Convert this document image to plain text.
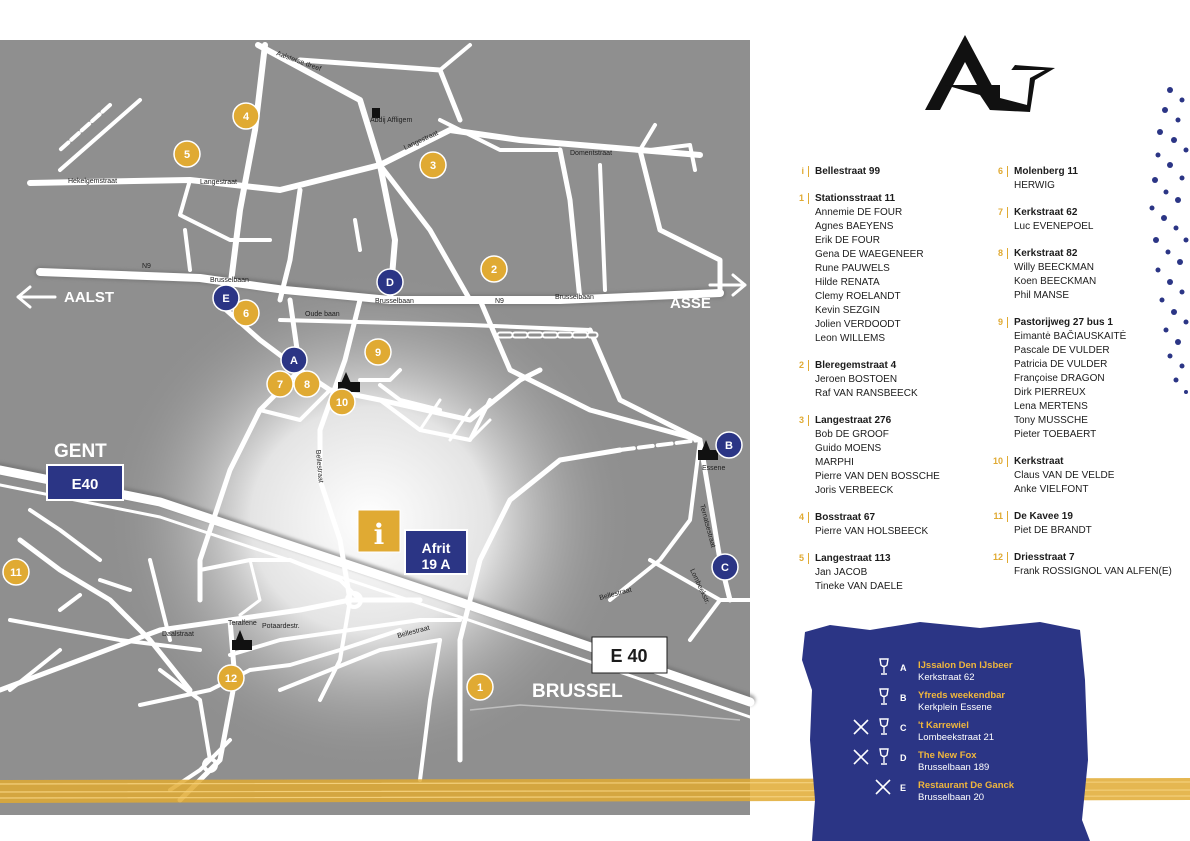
Brusselbaan
N9
N9
Brusselbaan
Brusselbaan
Hekelgemstraat	Langestraat
Langestraat
Domentstraat
Aalsterse dreef
Bellestraat
Bellestraat
Daalstraat
Potaardestr.
Ternatsestraat
Oude baan
Bellestraat	Lombeekstr.
Abdij Affligem
Essene
Teralfene
AALST	ASSE
GENT
BRUSSEL
E40
E 40
i	Afrit
19 A
1
2
3
4
5
6
7 8
9
10
11
12
A
B
C
D
E
i	Bellestraat 99
1	Stationsstraat 11
Annemie DE FOUR
Agnes BAEYENS
Erik DE FOUR
Gena DE WAEGENEER
Rune PAUWELS
Hilde RENATA
Clemy ROELANDT
Kevin SEZGIN
Jolien VERDOODT
Leon WILLEMS
2	Bleregemstraat 4
Jeroen BOSTOEN
Raf VAN RANSBEECK
3	Langestraat 276
Bob DE GROOF
Guido MOENS
MARPHI
Pierre VAN DEN BOSSCHE
Joris VERBEECK
4	Bosstraat 67
Pierre VAN HOLSBEECK
5	Langestraat 113
Jan JACOB
Tineke VAN DAELE
6	Molenberg 11
HERWIG
7	Kerkstraat 62
Luc EVENEPOEL
8	Kerkstraat 82
Willy BEECKMAN
Koen BEECKMAN
Phil MANSE
9	Pastorijweg 27 bus 1
Eimantė BAČIAUSKAITĖ
Pascale DE VULDER
Patricia DE VULDER
Françoise DRAGON
Dirk PIERREUX
Lena MERTENS
Tony MUSSCHE
Pieter TOEBAERT
10	Kerkstraat
Claus VAN DE VELDE
Anke VIELFONT
11	De Kavee 19
Piet DE BRANDT
12	Driesstraat 7
Frank ROSSIGNOL VAN ALFEN(E)
A IJssalon Den IJsbeer
Kerkstraat 62
B Yfreds weekendbar
Kerkplein Essene
C 't Karrewiel
Lombeekstraat 21
D The New Fox
Brusselbaan 189
E Restaurant De Ganck
Brusselbaan 20
